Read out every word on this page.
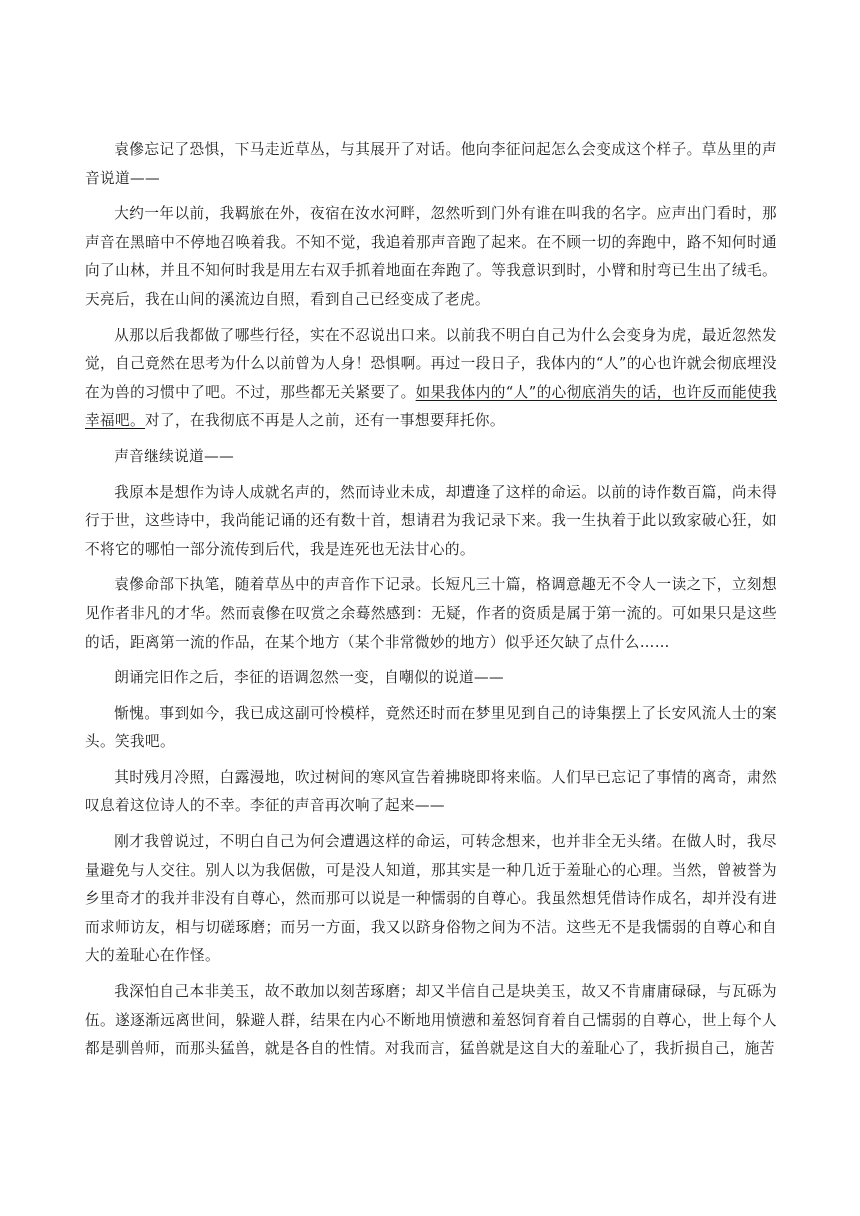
袁傪忘记了恐惧，下马走近草丛，与其展开了对话。他向李征问起怎么会变成这个样子。草丛里的声音说道——

大约一年以前，我羁旅在外，夜宿在汝水河畔，忽然听到门外有谁在叫我的名字。应声出门看时，那声音在黑暗中不停地召唤着我。不知不觉，我追着那声音跑了起来。在不顾一切的奔跑中，路不知何时通向了山林，并且不知何时我是用左右双手抓着地面在奔跑了。等我意识到时，小臂和肘弯已生出了绒毛。天亮后，我在山间的溪流边自照，看到自己已经变成了老虎。

从那以后我都做了哪些行径，实在不忍说出口来。以前我不明白自己为什么会变身为虎，最近忽然发觉，自己竟然在思考为什么以前曾为人身！恐惧啊。再过一段日子，我体内的“人”的心也许就会彻底埋没在为兽的习惯中了吧。不过，那些都无关紧要了。如果我体内的“人”的心彻底消失的话，也许反而能使我幸福吧。对了，在我彻底不再是人之前，还有一事想要拜托你。

声音继续说道——

我原本是想作为诗人成就名声的，然而诗业未成，却遭逢了这样的命运。以前的诗作数百篇，尚未得行于世，这些诗中，我尚能记诵的还有数十首，想请君为我记录下来。我一生执着于此以致家破心狂，如不将它的哪怕一部分流传到后代，我是连死也无法甘心的。

袁傪命部下执笔，随着草丛中的声音作下记录。长短凡三十篇，格调意趣无不令人一读之下，立刻想见作者非凡的才华。然而袁傪在叹赏之余蓦然感到：无疑，作者的资质是属于第一流的。可如果只是这些的话，距离第一流的作品，在某个地方（某个非常微妙的地方）似乎还欠缺了点什么……

朗诵完旧作之后，李征的语调忽然一变，自嘲似的说道——

惭愧。事到如今，我已成这副可怜模样，竟然还时而在梦里见到自己的诗集摆上了长安风流人士的案头。笑我吧。

其时残月冷照，白露漫地，吹过树间的寒风宣告着拂晓即将来临。人们早已忘记了事情的离奇，肃然叹息着这位诗人的不幸。李征的声音再次响了起来——

刚才我曾说过，不明白自己为何会遭遇这样的命运，可转念想来，也并非全无头绪。在做人时，我尽量避免与人交往。别人以为我倨傲，可是没人知道，那其实是一种几近于羞耻心的心理。当然，曾被誉为乡里奇才的我并非没有自尊心，然而那可以说是一种懦弱的自尊心。我虽然想凭借诗作成名，却并没有进而求师访友，相与切磋琢磨；而另一方面，我又以跻身俗物之间为不洁。这些无不是我懦弱的自尊心和自大的羞耻心在作怪。

我深怕自己本非美玉，故不敢加以刻苦琢磨；却又半信自己是块美玉，故又不肯庸庸碌碌，与瓦砾为伍。遂逐渐远离世间，躲避人群，结果在内心不断地用愤懑和羞怒饲育着自己懦弱的自尊心，世上每个人都是驯兽师，而那头猛兽，就是各自的性情。对我而言，猛兽就是这自大的羞耻心了，我折损自己，施苦
